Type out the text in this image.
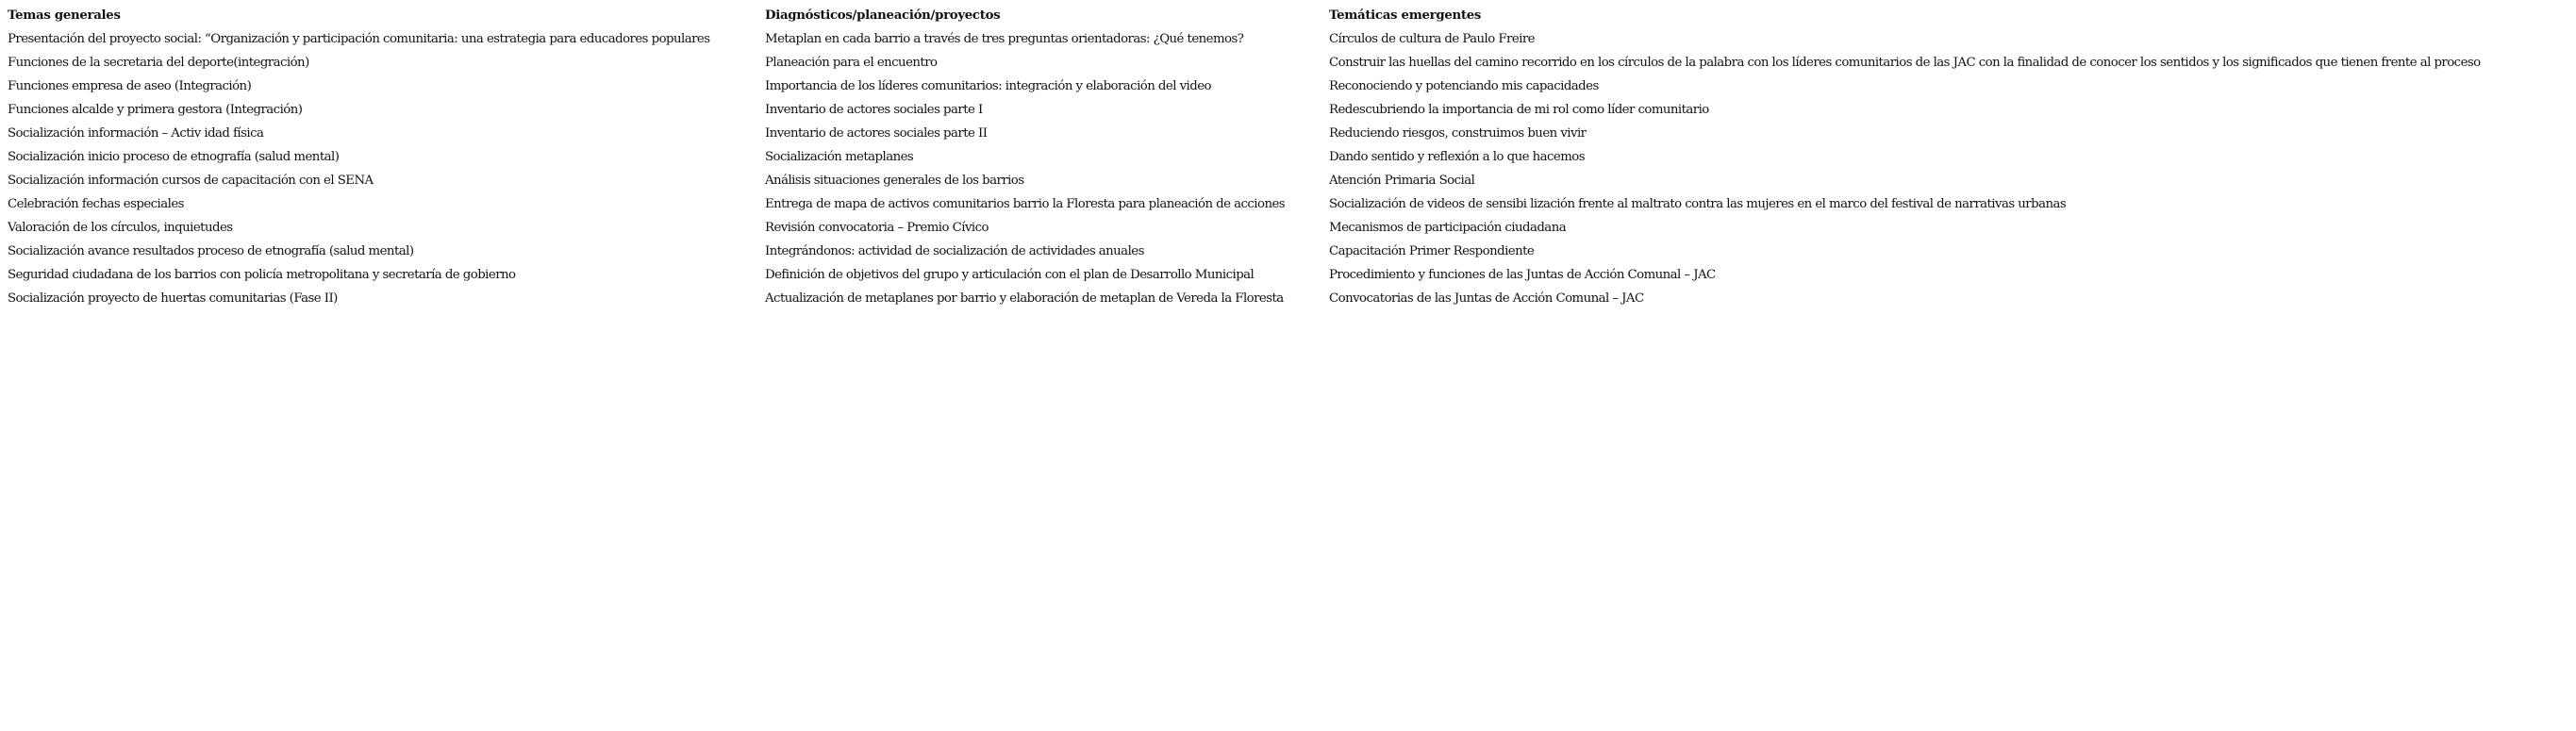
Temas generales	Diagnósticos/planeación/proyectos	Temáticas emergentes
Presentación del proyecto social: “Organización y participación comunitaria: una estrategia para educadores populares	Metaplan en cada barrio a través de tres preguntas orientadoras: ¿Qué tenemos?	Círculos de cultura de Paulo Freire
Funciones de la secretaria del deporte(integración)	Planeación para el encuentro	Construir las huellas del camino recorrido en los círculos de la palabra con los líderes comunitarios de las JAC con la finalidad de conocer los sentidos y los significados que tienen frente al proceso
Funciones empresa de aseo (Integración)	Importancia de los líderes comunitarios: integración y elaboración del video	Reconociendo y potenciando mis capacidades
Funciones alcalde y primera gestora (Integración)	Inventario de actores sociales parte I	Redescubriendo la importancia de mi rol como líder comunitario
Socialización información – Activ idad física	Inventario de actores sociales parte II	Reduciendo riesgos, construimos buen vivir
Socialización inicio proceso de etnografía (salud mental)	Socialización metaplanes	Dando sentido y reflexión a lo que hacemos
Socialización información cursos de capacitación con el SENA	Análisis situaciones generales de los barrios	Atención Primaria Social
Celebración fechas especiales	Entrega de mapa de activos comunitarios barrio la Floresta para planeación de acciones	Socialización de videos de sensibi lización frente al maltrato contra las mujeres en el marco del festival de narrativas urbanas
Valoración de los círculos, inquietudes	Revisión convocatoria – Premio Cívico	Mecanismos de participación ciudadana
Socialización avance resultados proceso de etnografía (salud mental)	Integrándonos: actividad de socialización de actividades anuales	Capacitación Primer Respondiente
Seguridad ciudadana de los barrios con policía metropolitana y secretaría de gobierno	Definición de objetivos del grupo y articulación con el plan de Desarrollo Municipal	Procedimiento y funciones de las Juntas de Acción Comunal – JAC
Socialización proyecto de huertas comunitarias (Fase II)	Actualización de metaplanes por barrio y elaboración de metaplan de Vereda la Floresta	Convocatorias de las Juntas de Acción Comunal – JAC
